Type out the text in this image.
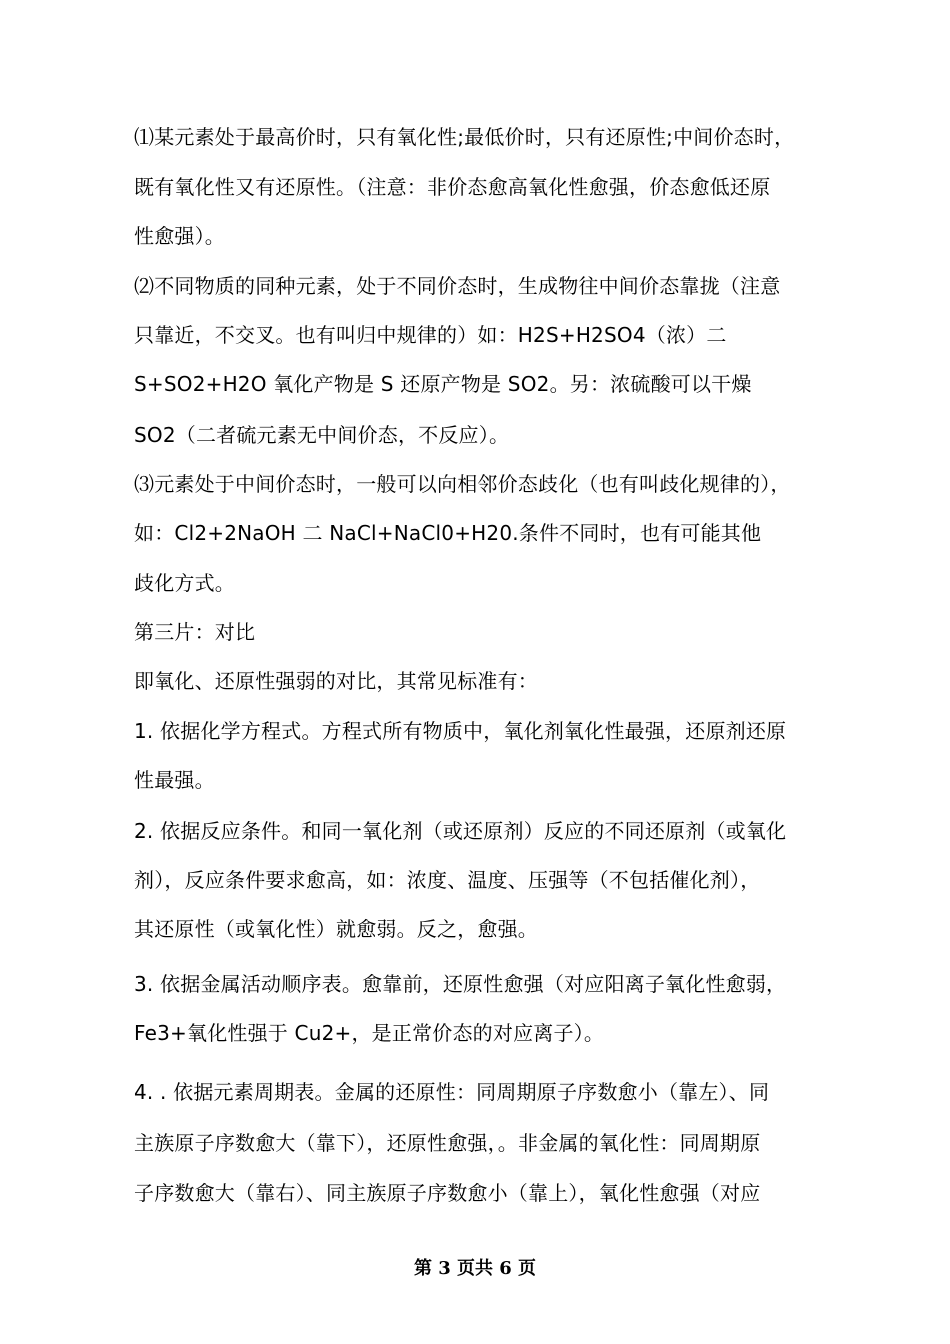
⑴某元素处于最高价时，只有氧化性;最低价时，只有还原性;中间价态时，
既有氧化性又有还原性。（注意：非价态愈高氧化性愈强，价态愈低还原
性愈强）。
⑵不同物质的同种元素，处于不同价态时，生成物往中间价态靠拢（注意
只靠近，不交叉。也有叫归中规律的）如：H2S+H2SO4（浓）二
S+SO2+H2O 氧化产物是 S 还原产物是 SO2。另：浓硫酸可以干燥
SO2（二者硫元素无中间价态，不反应）。
⑶元素处于中间价态时，一般可以向相邻价态歧化（也有叫歧化规律的），
如：Cl2+2NaOH 二 NaCl+NaCl0+H20.条件不同时，也有可能其他
歧化方式。
第三片：对比
即氧化、还原性强弱的对比，其常见标准有：
1. 依据化学方程式。方程式所有物质中，氧化剂氧化性最强，还原剂还原
性最强。
2. 依据反应条件。和同一氧化剂（或还原剂）反应的不同还原剂（或氧化
剂），反应条件要求愈高，如：浓度、温度、压强等（不包括催化剂），
其还原性（或氧化性）就愈弱。反之，愈强。
3. 依据金属活动顺序表。愈靠前，还原性愈强（对应阳离子氧化性愈弱，
Fe3+氧化性强于 Cu2+，是正常价态的对应离子）。
4. . 依据元素周期表。金属的还原性：同周期原子序数愈小（靠左）、同
主族原子序数愈大（靠下），还原性愈强，。非金属的氧化性：同周期原
子序数愈大（靠右）、同主族原子序数愈小（靠上），氧化性愈强（对应
第 3 页共 6 页
